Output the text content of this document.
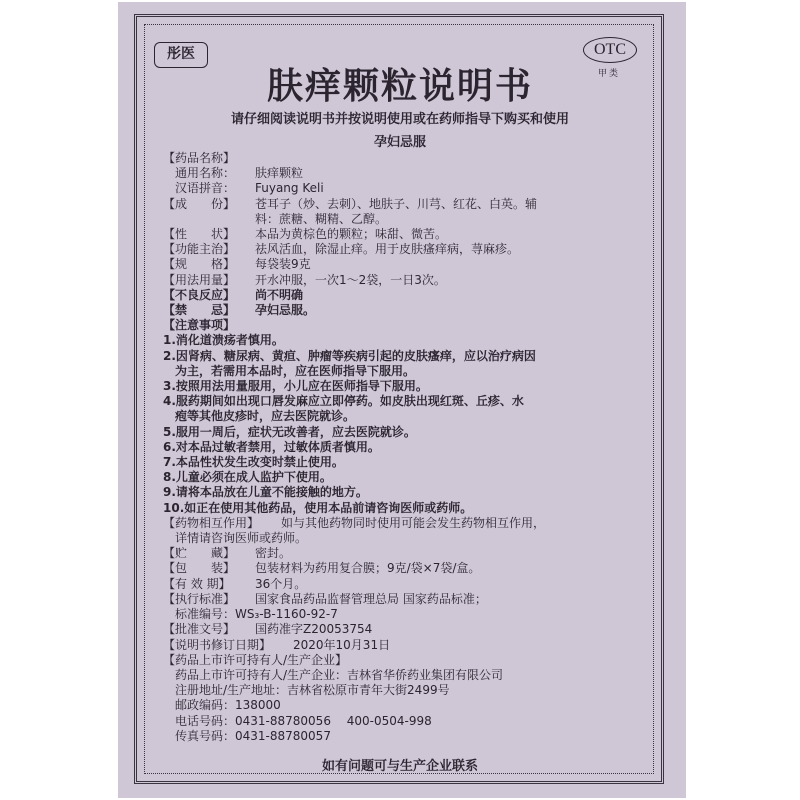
彤医	OTC
甲类
肤痒颗粒说明书
请仔细阅读说明书并按说明使用或在药师指导下购买和使用
孕妇忌服
【药品名称】
通用名称：	肤痒颗粒
汉语拼音：	Fuyang Keli
【成　　份】	苍耳子（炒、去刺）、地肤子、川芎、红花、白英。辅
料：蔗糖、糊精、乙醇。
【性　　状】	本品为黄棕色的颗粒；味甜、微苦。
【功能主治】	祛风活血，除湿止痒。用于皮肤瘙痒病，荨麻疹。
【规　　格】	每袋装9克
【用法用量】	开水冲服，一次1～2袋，一日3次。
【不良反应】	尚不明确
【禁　　忌】	孕妇忌服。
【注意事项】
1.消化道溃疡者慎用。
2.因肾病、糖尿病、黄疸、肿瘤等疾病引起的皮肤瘙痒，应以治疗病因
为主，若需用本品时，应在医师指导下服用。
3.按照用法用量服用，小儿应在医师指导下服用。
4.服药期间如出现口唇发麻应立即停药。如皮肤出现红斑、丘疹、水
疱等其他皮疹时，应去医院就诊。
5.服用一周后，症状无改善者，应去医院就诊。
6.对本品过敏者禁用，过敏体质者慎用。
7.本品性状发生改变时禁止使用。
8.儿童必须在成人监护下使用。
9.请将本品放在儿童不能接触的地方。
10.如正在使用其他药品，使用本品前请咨询医师或药师。
【药物相互作用】	如与其他药物同时使用可能会发生药物相互作用，
详情请咨询医师或药师。
【贮　　藏】	密封。
【包　　装】	包装材料为药用复合膜；9克/袋×7袋/盒。
【有 效 期】	36个月。
【执行标准】	国家食品药品监督管理总局 国家药品标准；
标准编号：WS₃-B-1160-92-7
【批准文号】	国药准字Z20053754
【说明书修订日期】	2020年10月31日
【药品上市许可持有人/生产企业】
药品上市许可持有人/生产企业：吉林省华侨药业集团有限公司
注册地址/生产地址：吉林省松原市青年大街2499号
邮政编码：138000
电话号码：0431-88780056　 400-0504-998
传真号码：0431-88780057
如有问题可与生产企业联系
